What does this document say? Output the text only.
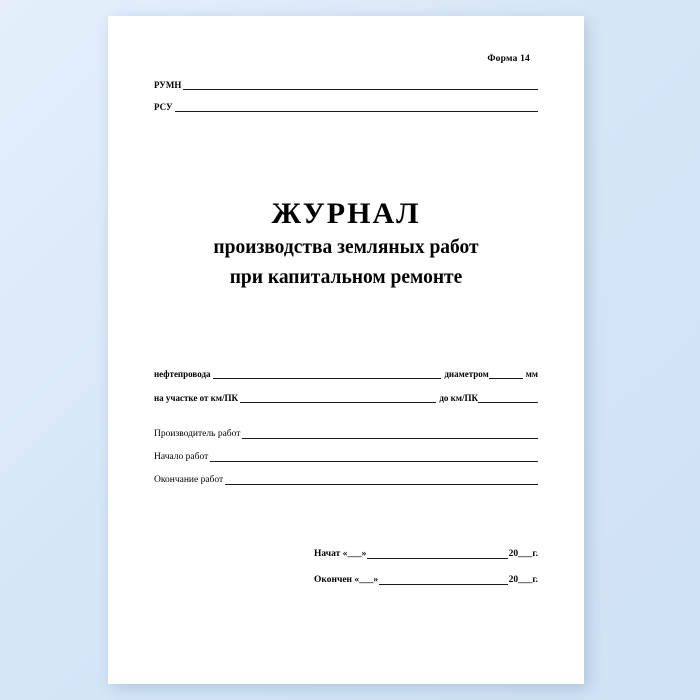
Форма 14
РУМН
РСУ
ЖУРНАЛ
производства земляных работ
при капитальном ремонте
нефтепровода	диаметром	мм
на участке от км/ПК	до км/ПК
Производитель работ
Начало работ
Окончание работ
Начат «___»	20___г.
Окончен «___»	20___г.
